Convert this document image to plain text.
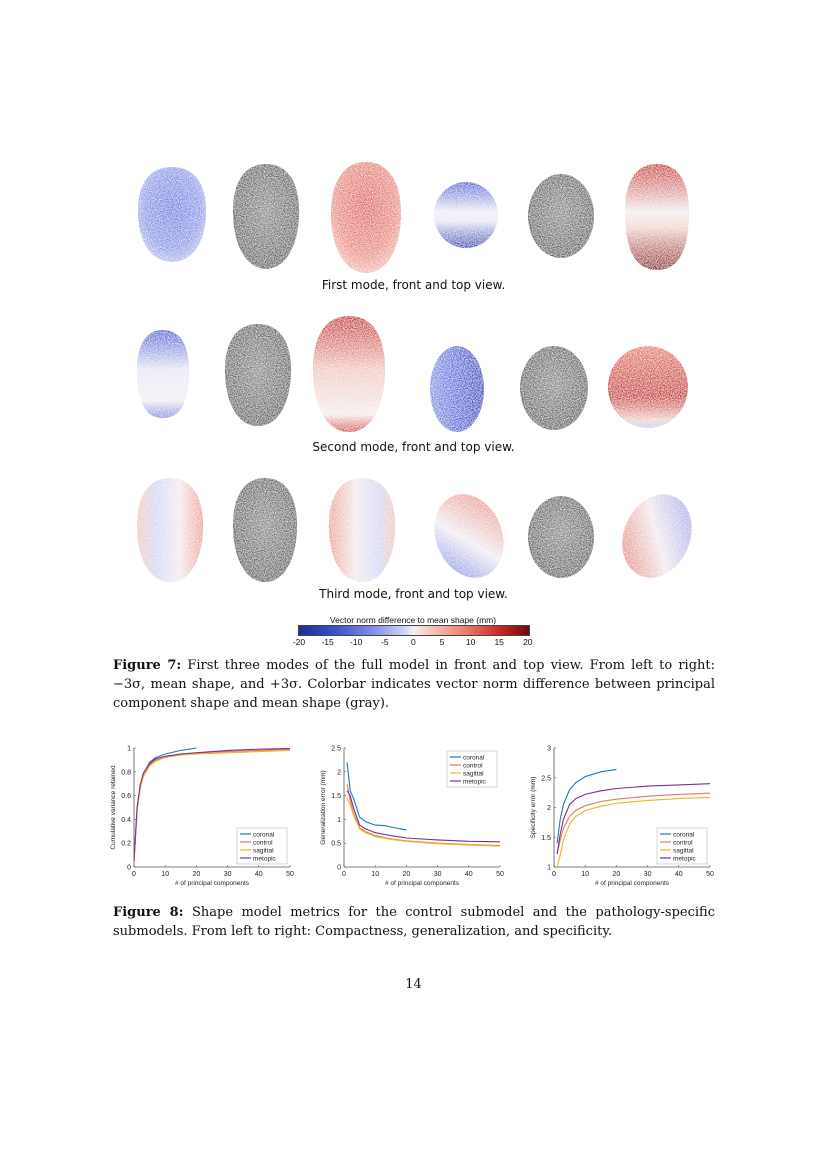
First mode, front and top view.
Second mode, front and top view.
Third mode, front and top view.
Vector norm difference to mean shape (mm)
-20 -15 -10 -5	0	5	10 15 20
Figure 7: First three modes of the full model in front and top view. From left to right: −3σ, mean shape, and +3σ. Colorbar indicates vector norm difference between principal component shape and mean shape (gray).
0	10	20	30	40	50
0
0.2
0.4
0.6
0.8
1
# of principal components
Cumulative variance retained	coronal
control
sagittal
metopic
0	10	20	30	40	50
0
0.5
1
1.5
2
2.5
# of principal components
Generalization error (mm)
coronal
control
sagittal
metopic
0	10	20	30	40	50
1
1.5
2
2.5
3
# of principal components
Specificity error (mm)	coronal
control
sagittal
metopic
Figure 8: Shape model metrics for the control submodel and the pathology-specific submodels. From left to right: Compactness, generalization, and specificity.
14
